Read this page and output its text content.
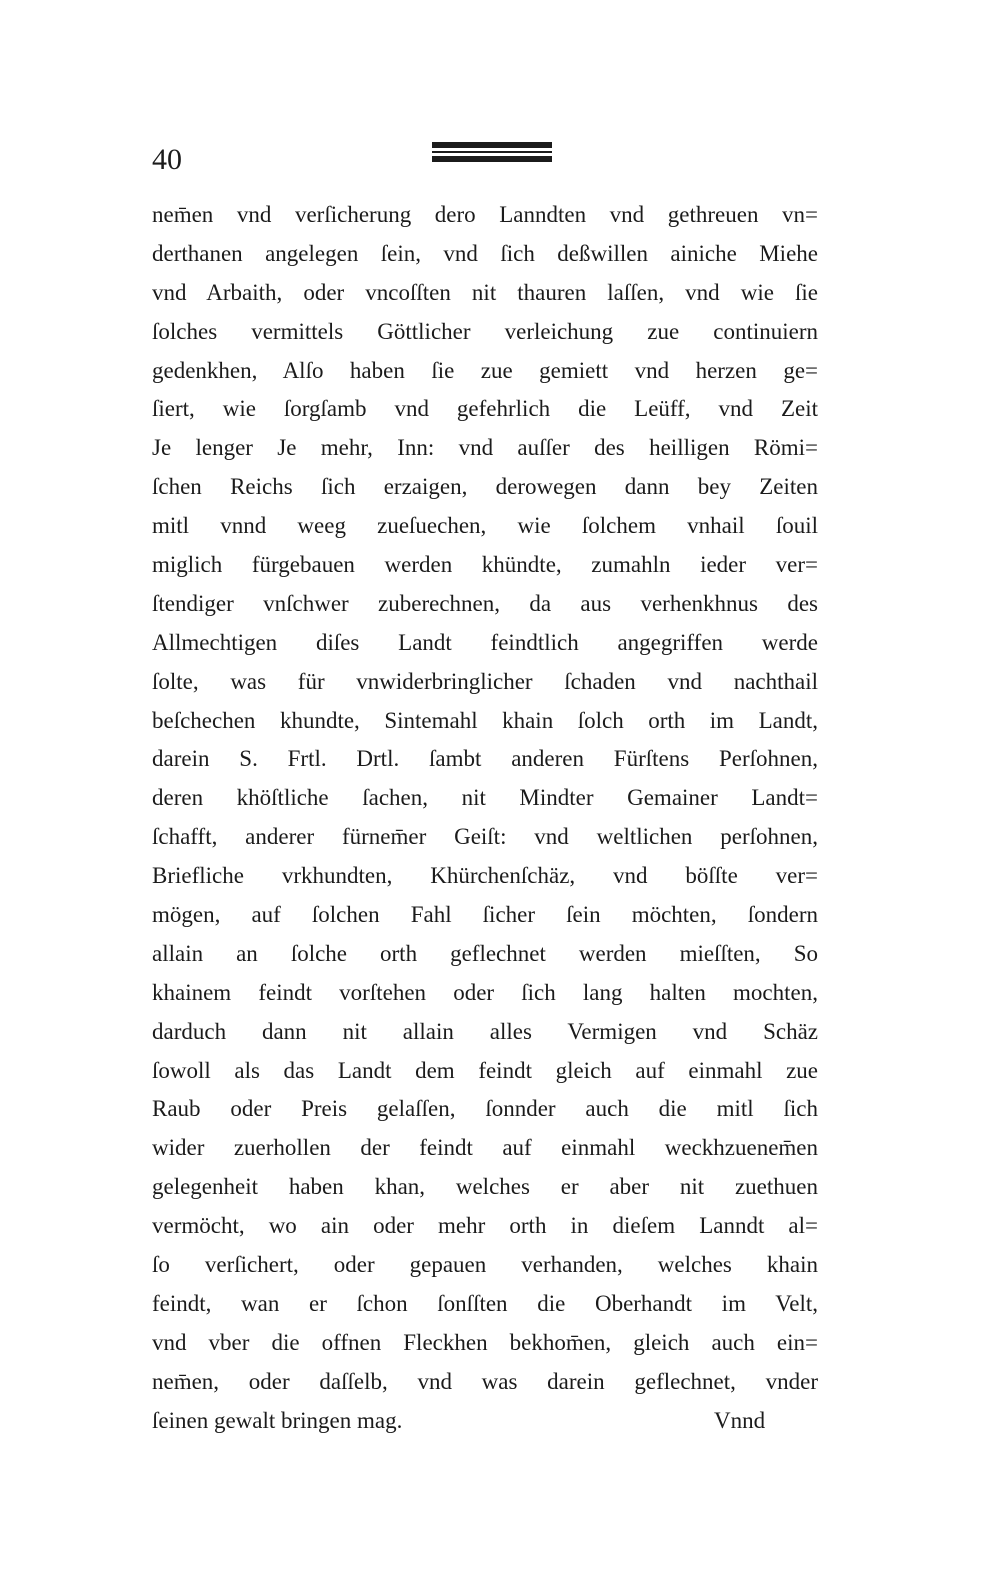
40
nem̄en vnd verſicherung dero Lanndten vnd gethreuen vn=
derthanen angelegen ſein, vnd ſich deßwillen ainiche Miehe
vnd Arbaith, oder vncoſſten nit thauren laſſen, vnd wie ſie
ſolches vermittels Göttlicher verleichung zue continuiern
gedenkhen, Alſo haben ſie zue gemiett vnd herzen ge=
ſiert, wie ſorgſamb vnd gefehrlich die Leüff, vnd Zeit
Je lenger Je mehr, Inn: vnd auſſer des heilligen Römi=
ſchen Reichs ſich erzaigen, derowegen dann bey Zeiten
mitl vnnd weeg zueſuechen, wie ſolchem vnhail ſouil
miglich fürgebauen werden khündte, zumahln ieder ver=
ſtendiger vnſchwer zuberechnen, da aus verhenkhnus des
Allmechtigen diſes Landt feindtlich angegriffen werde
ſolte, was für vnwiderbringlicher ſchaden vnd nachthail
beſchechen khundte, Sintemahl khain ſolch orth im Landt,
darein S. Frtl. Drtl. ſambt anderen Fürſtens Perſohnen,
deren khöſtliche ſachen, nit Mindter Gemainer Landt=
ſchafft, anderer fürnem̄er Geiſt: vnd weltlichen perſohnen,
Briefliche vrkhundten, Khürchenſchäz, vnd böſſte ver=
mögen, auf ſolchen Fahl ſicher ſein möchten, ſondern
allain an ſolche orth geflechnet werden mieſſten, So
khainem feindt vorſtehen oder ſich lang halten mochten,
darduch dann nit allain alles Vermigen vnd Schäz
ſowoll als das Landt dem feindt gleich auf einmahl zue
Raub oder Preis gelaſſen, ſonnder auch die mitl ſich
wider zuerhollen der feindt auf einmahl weckhzuenem̄en
gelegenheit haben khan, welches er aber nit zuethuen
vermöcht, wo ain oder mehr orth in dieſem Lanndt al=
ſo verſichert, oder gepauen verhanden, welches khain
feindt, wan er ſchon ſonſſten die Oberhandt im Velt,
vnd vber die offnen Fleckhen bekhom̄en, gleich auch ein=
nem̄en, oder daſſelb, vnd was darein geflechnet, vnder
ſeinen gewalt bringen mag.	Vnnd
